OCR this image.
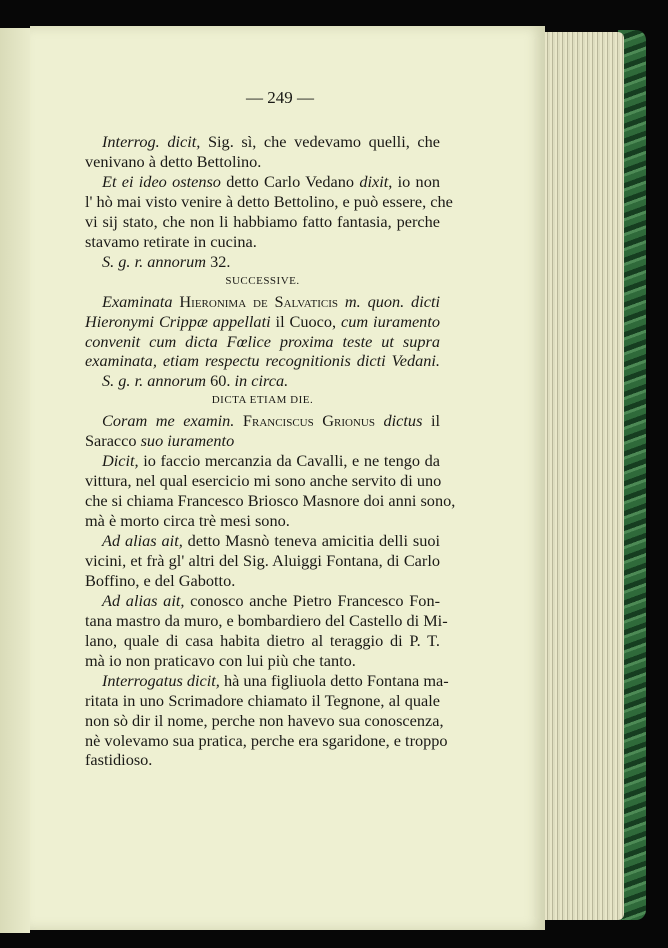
— 249 —
Interrog. dicit, Sig. sì, che vedevamo quelli, che
venivano à detto Bettolino.
Et ei ideo ostenso detto Carlo Vedano dixit, io non
l' hò mai visto venire à detto Bettolino, e può essere, che
vi sij stato, che non li habbiamo fatto fantasia, perche
stavamo retirate in cucina.
S. g. r. annorum 32.
SUCCESSIVE.
Examinata Hieronima de Salvaticis m. quon. dicti
Hieronymi Crippæ appellati il Cuoco, cum iuramento
convenit cum dicta Fœlice proxima teste ut supra
examinata, etiam respectu recognitionis dicti Vedani.
S. g. r. annorum 60. in circa.
DICTA ETIAM DIE.
Coram me examin. Franciscus Grionus dictus il
Saracco suo iuramento
Dicit, io faccio mercanzia da Cavalli, e ne tengo da
vittura, nel qual esercicio mi sono anche servito di uno
che si chiama Francesco Briosco Masnore doi anni sono,
mà è morto circa trè mesi sono.
Ad alias ait, detto Masnò teneva amicitia delli suoi
vicini, et frà gl' altri del Sig. Aluiggi Fontana, di Carlo
Boffino, e del Gabotto.
Ad alias ait, conosco anche Pietro Francesco Fon-
tana mastro da muro, e bombardiero del Castello di Mi-
lano, quale di casa habita dietro al teraggio di P. T.
mà io non praticavo con lui più che tanto.
Interrogatus dicit, hà una figliuola detto Fontana ma-
ritata in uno Scrimadore chiamato il Tegnone, al quale
non sò dir il nome, perche non havevo sua conoscenza,
nè volevamo sua pratica, perche era sgaridone, e troppo
fastidioso.
